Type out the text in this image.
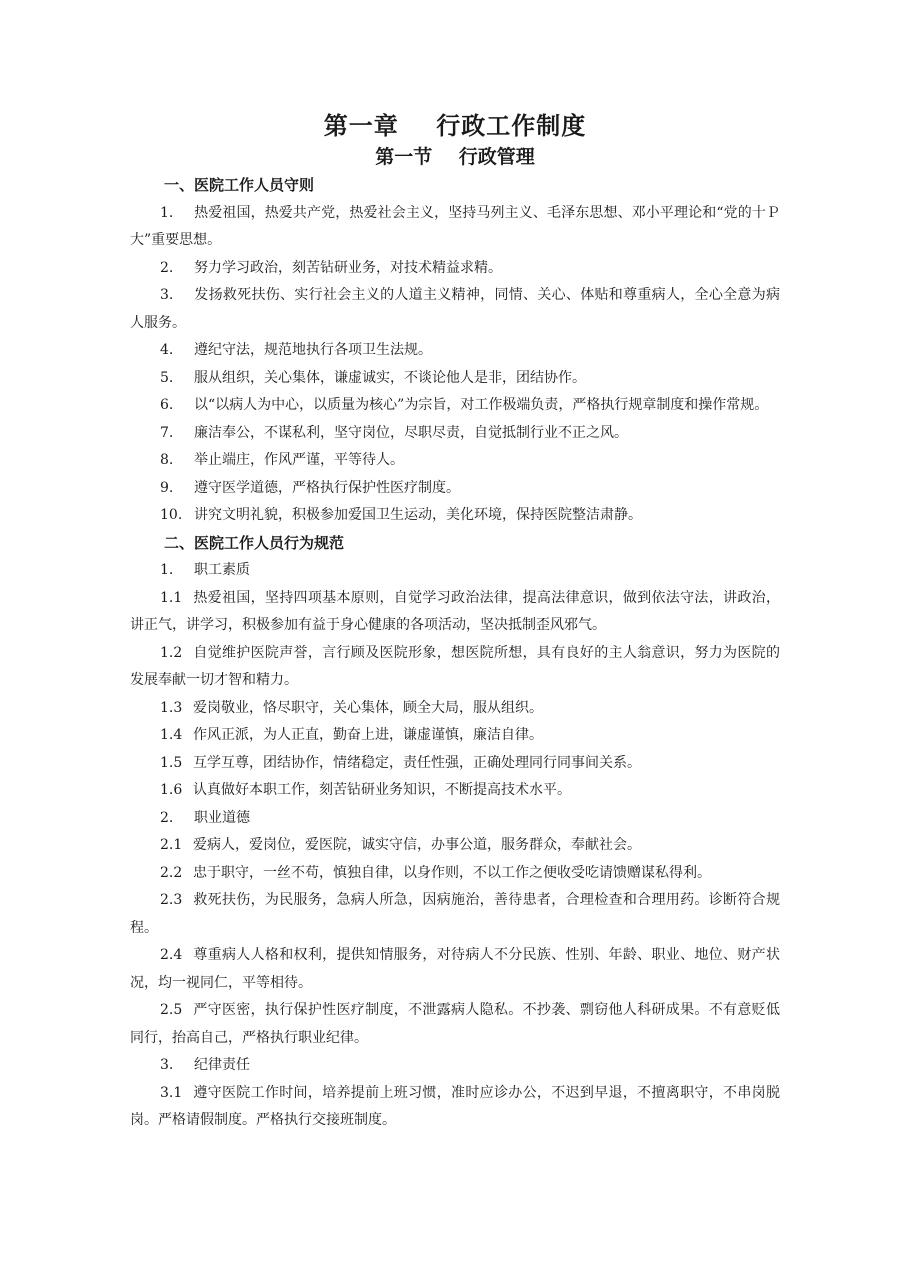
第一章    行政工作制度
第一节    行政管理
一、医院工作人员守则
1. 热爱祖国，热爱共产党，热爱社会主义，坚持马列主义、毛泽东思想、邓小平理论和“党的十Ｐ大”重要思想。
2. 努力学习政治，刻苦钻研业务，对技术精益求精。
3. 发扬救死扶伤、实行社会主义的人道主义精神，同情、关心、体贴和尊重病人，全心全意为病人服务。
4. 遵纪守法，规范地执行各项卫生法规。
5. 服从组织，关心集体，谦虚诚实，不谈论他人是非，团结协作。
6. 以“以病人为中心，以质量为核心”为宗旨，对工作极端负责，严格执行规章制度和操作常规。
7. 廉洁奉公，不谋私利，坚守岗位，尽职尽责，自觉抵制行业不正之风。
8. 举止端庄，作风严谨，平等待人。
9. 遵守医学道德，严格执行保护性医疗制度。
10. 讲究文明礼貌，积极参加爱国卫生运动，美化环境，保持医院整洁肃静。
二、医院工作人员行为规范
1. 职工素质
1.1 热爱祖国，坚持四项基本原则，自觉学习政治法律，提高法律意识，做到依法守法，讲政治，讲正气，讲学习，积极参加有益于身心健康的各项活动，坚决抵制歪风邪气。
1.2 自觉维护医院声誉，言行顾及医院形象，想医院所想，具有良好的主人翁意识，努力为医院的发展奉献一切才智和精力。
1.3 爱岗敬业，恪尽职守，关心集体，顾全大局，服从组织。
1.4 作风正派，为人正直，勤奋上进，谦虚谨慎，廉洁自律。
1.5 互学互尊，团结协作，情绪稳定，责任性强，正确处理同行同事间关系。
1.6 认真做好本职工作，刻苦钻研业务知识，不断提高技术水平。
2. 职业道德
2.1 爱病人，爱岗位，爱医院，诚实守信，办事公道，服务群众，奉献社会。
2.2 忠于职守，一丝不苟，慎独自律，以身作则，不以工作之便收受吃请馈赠谋私得利。
2.3 救死扶伤，为民服务，急病人所急，因病施治，善待患者，合理检查和合理用药。诊断符合规程。
2.4 尊重病人人格和权利，提供知情服务，对待病人不分民族、性别、年龄、职业、地位、财产状况，均一视同仁，平等相待。
2.5 严守医密，执行保护性医疗制度，不泄露病人隐私。不抄袭、剽窃他人科研成果。不有意贬低同行，抬高自己，严格执行职业纪律。
3. 纪律责任
3.1 遵守医院工作时间，培养提前上班习惯，准时应诊办公，不迟到早退，不擅离职守，不串岗脱岗。严格请假制度。严格执行交接班制度。
